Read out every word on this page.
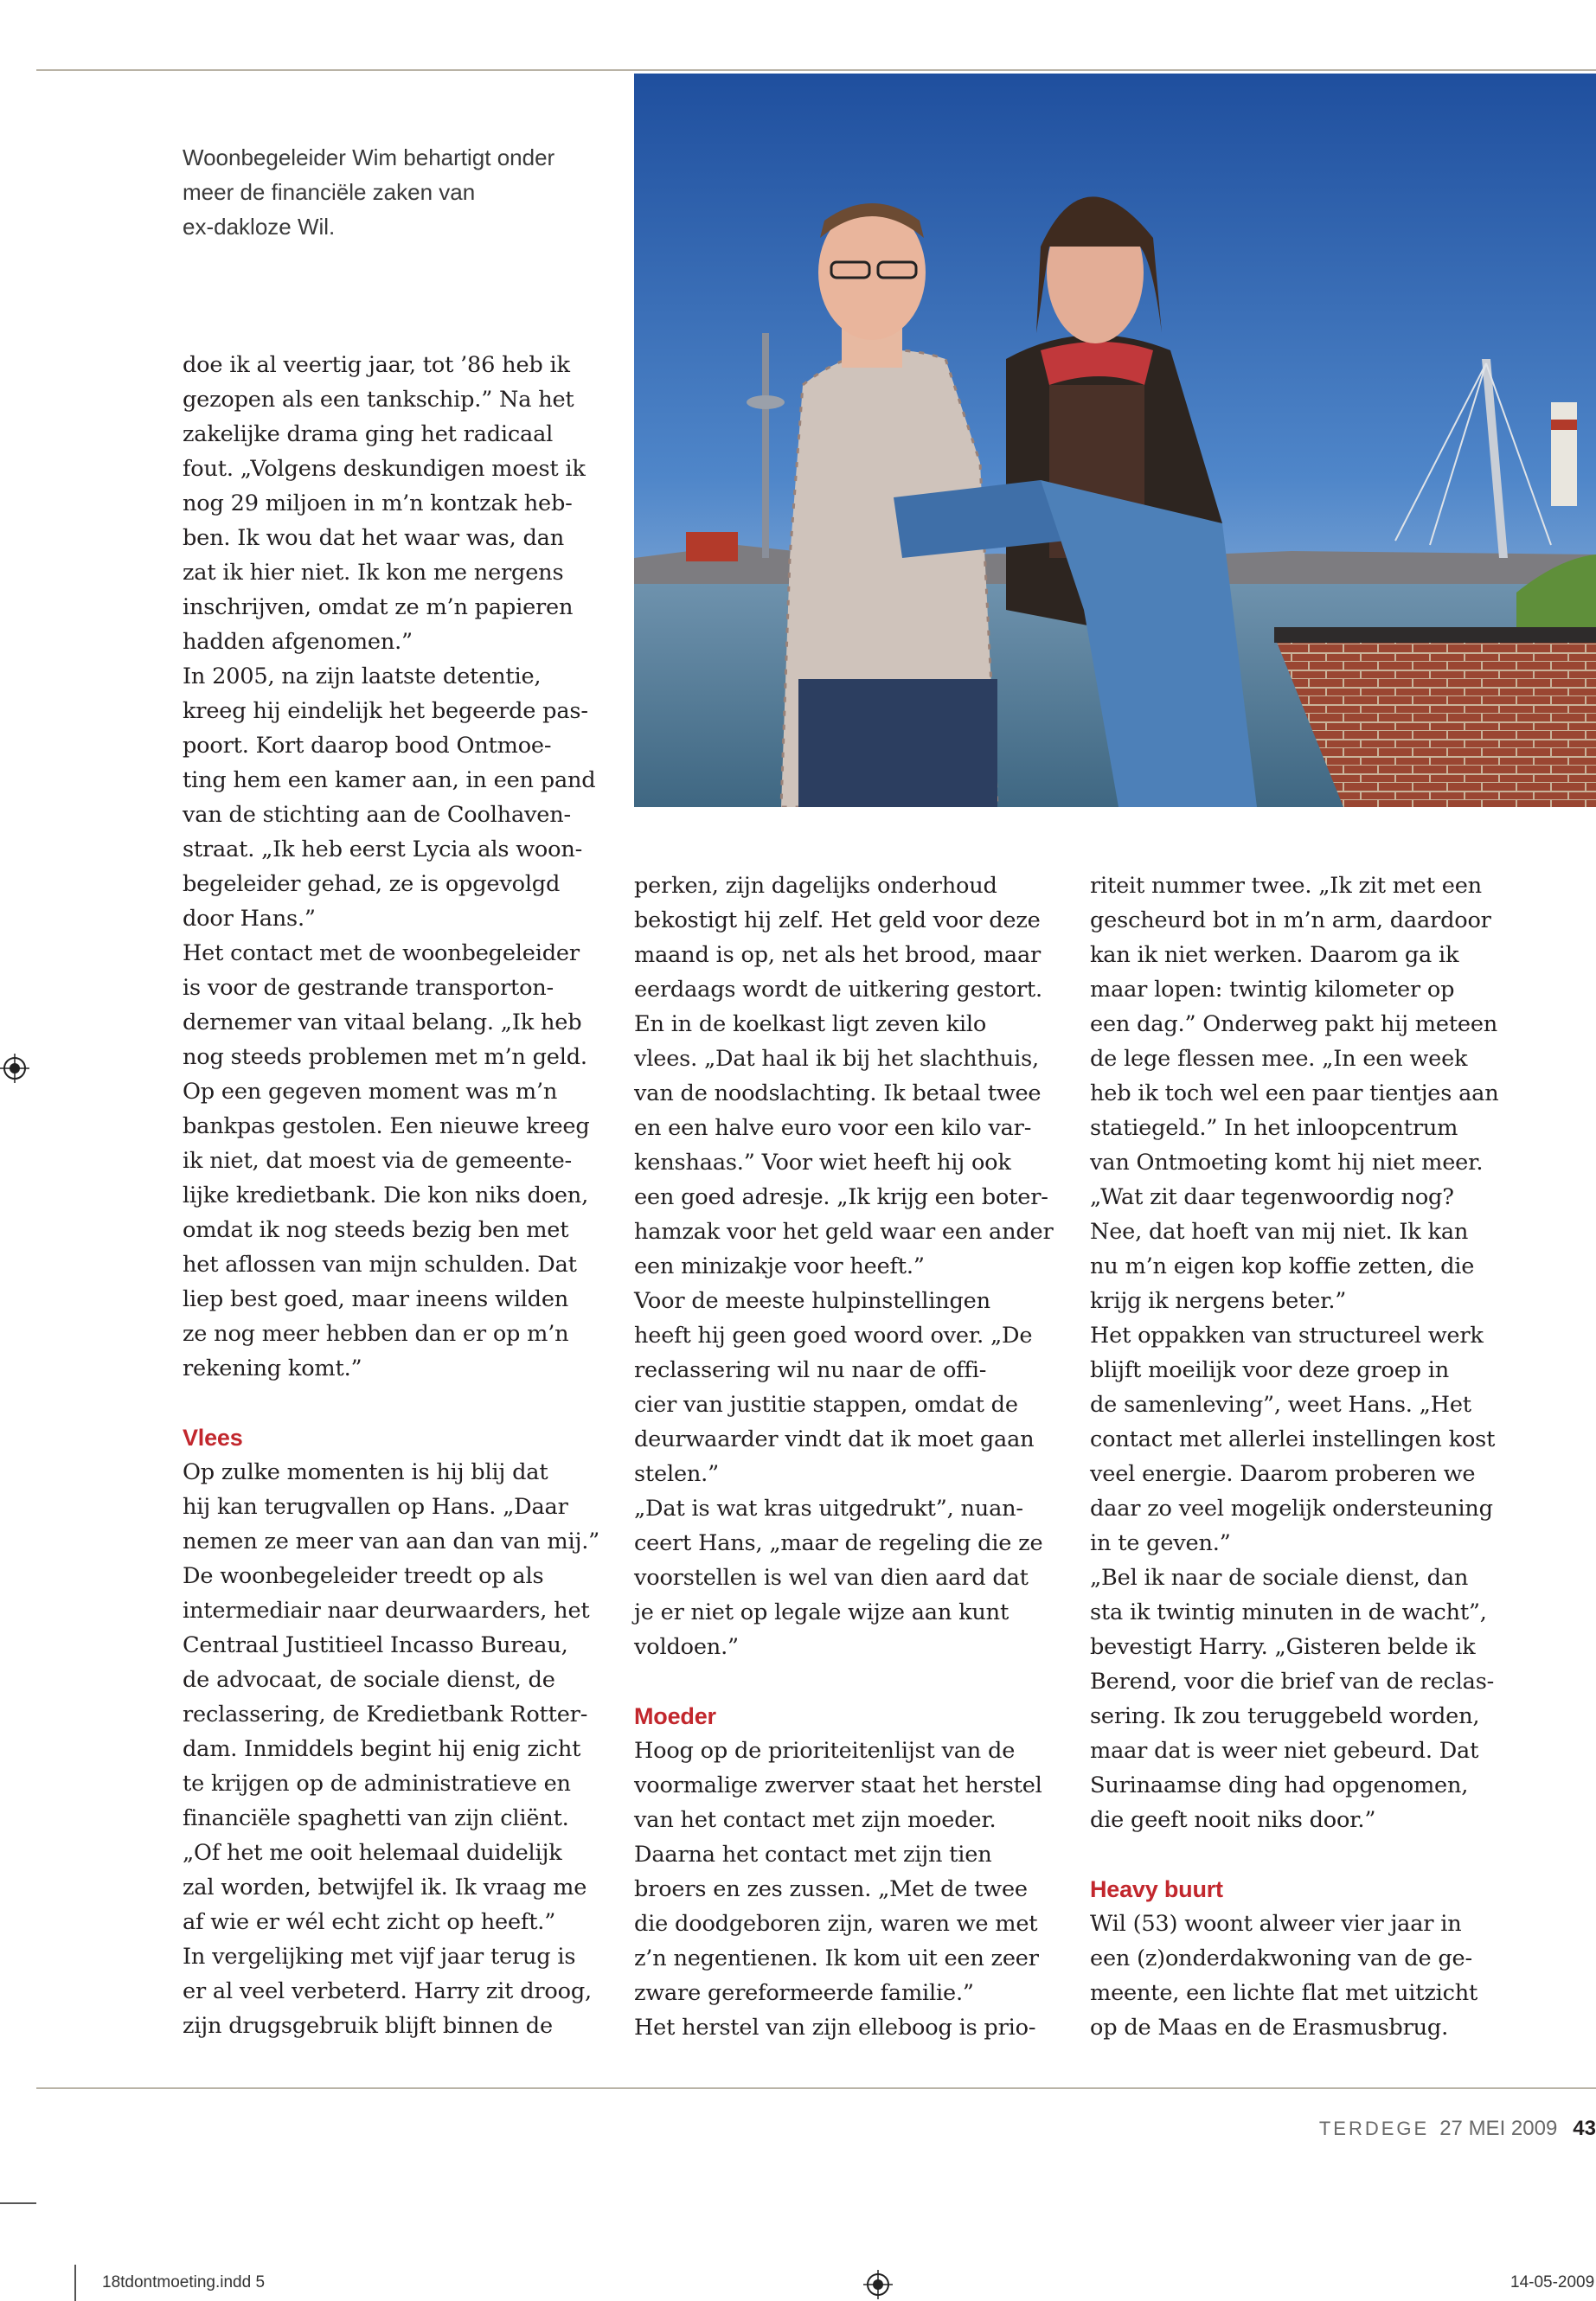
Woonbegeleider Wim behartigt onder
meer de financiële zaken van
ex-dakloze Wil.
doe ik al veertig jaar, tot ’86 heb ik
gezopen als een tankschip.” Na het
zakelijke drama ging het radicaal
fout. „Volgens deskundigen moest ik
nog 29 miljoen in m’n kontzak heb-
ben. Ik wou dat het waar was, dan
zat ik hier niet. Ik kon me nergens
inschrijven, omdat ze m’n papieren
hadden afgenomen.”
In 2005, na zijn laatste detentie,
kreeg hij eindelijk het begeerde pas-
poort. Kort daarop bood Ontmoe-
ting hem een kamer aan, in een pand
van de stichting aan de Coolhaven-
straat. „Ik heb eerst Lycia als woon-
begeleider gehad, ze is opgevolgd
door Hans.”
Het contact met de woonbegeleider
is voor de gestrande transporton-
dernemer van vitaal belang. „Ik heb
nog steeds problemen met m’n geld.
Op een gegeven moment was m’n
bankpas gestolen. Een nieuwe kreeg
ik niet, dat moest via de gemeente-
lijke kredietbank. Die kon niks doen,
omdat ik nog steeds bezig ben met
het aflossen van mijn schulden. Dat
liep best goed, maar ineens wilden
ze nog meer hebben dan er op m’n
rekening komt.”
Vlees
Op zulke momenten is hij blij dat
hij kan terugvallen op Hans. „Daar
nemen ze meer van aan dan van mij.”
De woonbegeleider treedt op als
intermediair naar deurwaarders, het
Centraal Justitieel Incasso Bureau,
de advocaat, de sociale dienst, de
reclassering, de Kredietbank Rotter-
dam. Inmiddels begint hij enig zicht
te krijgen op de administratieve en
financiële spaghetti van zijn cliënt.
„Of het me ooit helemaal duidelijk
zal worden, betwijfel ik. Ik vraag me
af wie er wél echt zicht op heeft.”
In vergelijking met vijf jaar terug is
er al veel verbeterd. Harry zit droog,
zijn drugsgebruik blijft binnen de
perken, zijn dagelijks onderhoud
bekostigt hij zelf. Het geld voor deze
maand is op, net als het brood, maar
eerdaags wordt de uitkering gestort.
En in de koelkast ligt zeven kilo
vlees. „Dat haal ik bij het slachthuis,
van de noodslachting. Ik betaal twee
en een halve euro voor een kilo var-
kenshaas.” Voor wiet heeft hij ook
een goed adresje. „Ik krijg een boter-
hamzak voor het geld waar een ander
een minizakje voor heeft.”
Voor de meeste hulpinstellingen
heeft hij geen goed woord over. „De
reclassering wil nu naar de offi-
cier van justitie stappen, omdat de
deurwaarder vindt dat ik moet gaan
stelen.”
„Dat is wat kras uitgedrukt”, nuan-
ceert Hans, „maar de regeling die ze
voorstellen is wel van dien aard dat
je er niet op legale wijze aan kunt
voldoen.”
Moeder
Hoog op de prioriteitenlijst van de
voormalige zwerver staat het herstel
van het contact met zijn moeder.
Daarna het contact met zijn tien
broers en zes zussen. „Met de twee
die doodgeboren zijn, waren we met
z’n negentienen. Ik kom uit een zeer
zware gereformeerde familie.”
Het herstel van zijn elleboog is prio-
riteit nummer twee. „Ik zit met een
gescheurd bot in m’n arm, daardoor
kan ik niet werken. Daarom ga ik
maar lopen: twintig kilometer op
een dag.” Onderweg pakt hij meteen
de lege flessen mee. „In een week
heb ik toch wel een paar tientjes aan
statiegeld.” In het inloopcentrum
van Ontmoeting komt hij niet meer.
„Wat zit daar tegenwoordig nog?
Nee, dat hoeft van mij niet. Ik kan
nu m’n eigen kop koffie zetten, die
krijg ik nergens beter.”
Het oppakken van structureel werk
blijft moeilijk voor deze groep in
de samenleving”, weet Hans. „Het
contact met allerlei instellingen kost
veel energie. Daarom proberen we
daar zo veel mogelijk ondersteuning
in te geven.”
„Bel ik naar de sociale dienst, dan
sta ik twintig minuten in de wacht”,
bevestigt Harry. „Gisteren belde ik
Berend, voor die brief van de reclas-
sering. Ik zou teruggebeld worden,
maar dat is weer niet gebeurd. Dat
Surinaamse ding had opgenomen,
die geeft nooit niks door.”
Heavy buurt
Wil (53) woont alweer vier jaar in
een (z)onderdakwoning van de ge-
meente, een lichte flat met uitzicht
op de Maas en de Erasmusbrug.
TERDEGE 27 MEI 2009 43
18tdontmoeting.indd 5	14-05-2009
